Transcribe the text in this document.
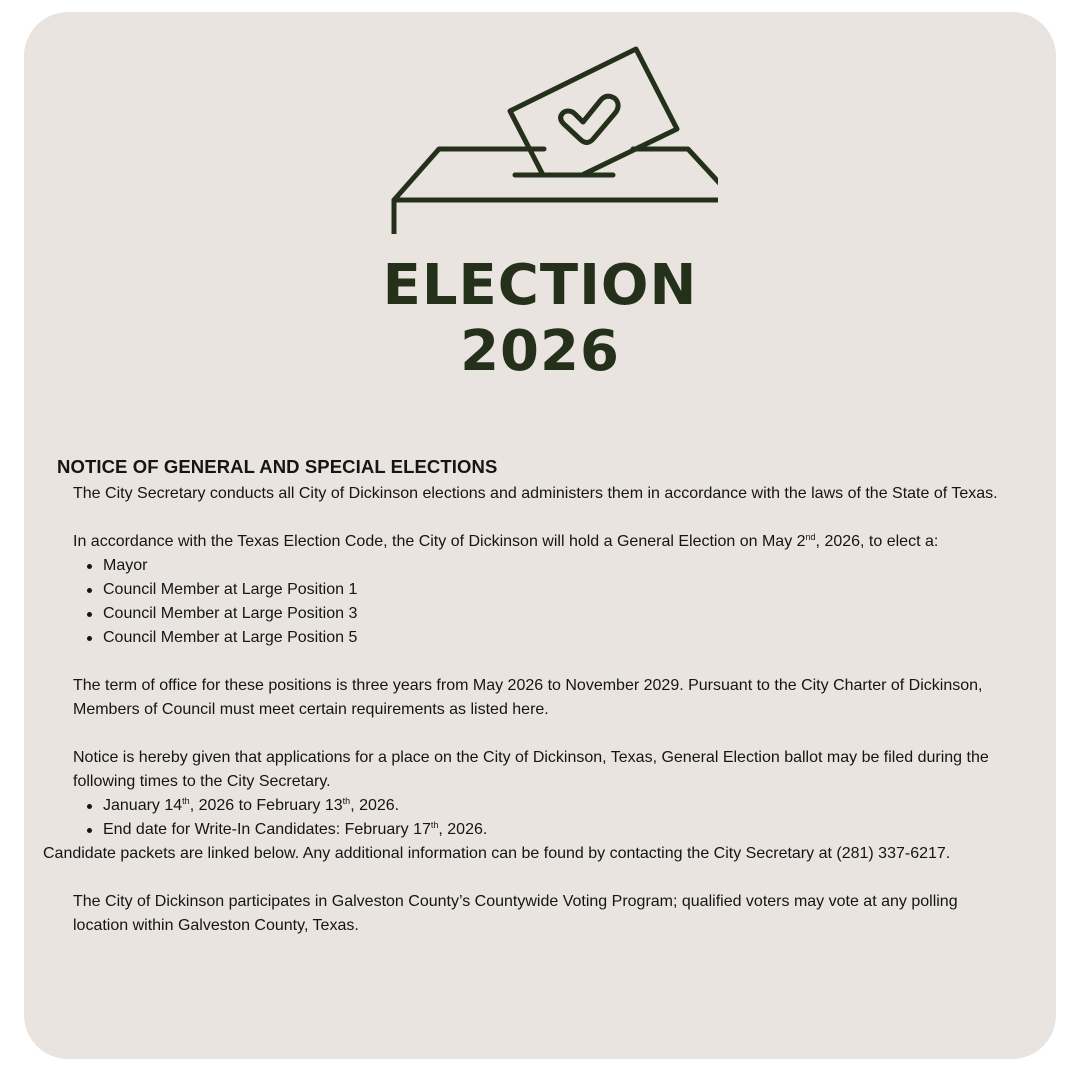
ELECTION
2026
NOTICE OF GENERAL AND SPECIAL ELECTIONS

The City Secretary conducts all City of Dickinson elections and administers them in accordance with the laws of the State of Texas.

In accordance with the Texas Election Code, the City of Dickinson will hold a General Election on May 2nd, 2026, to elect a:

Mayor
Council Member at Large Position 1
Council Member at Large Position 3
Council Member at Large Position 5

The term of office for these positions is three years from May 2026 to November 2029. Pursuant to the City Charter of Dickinson, Members of Council must meet certain requirements as listed here.

Notice is hereby given that applications for a place on the City of Dickinson, Texas, General Election ballot may be filed during the following times to the City Secretary.

January 14th, 2026 to February 13th, 2026.
End date for Write-In Candidates: February 17th, 2026.

Candidate packets are linked below. Any additional information can be found by contacting the City Secretary at (281) 337-6217.

The City of Dickinson participates in Galveston County’s Countywide Voting Program; qualified voters may vote at any polling location within Galveston County, Texas.
